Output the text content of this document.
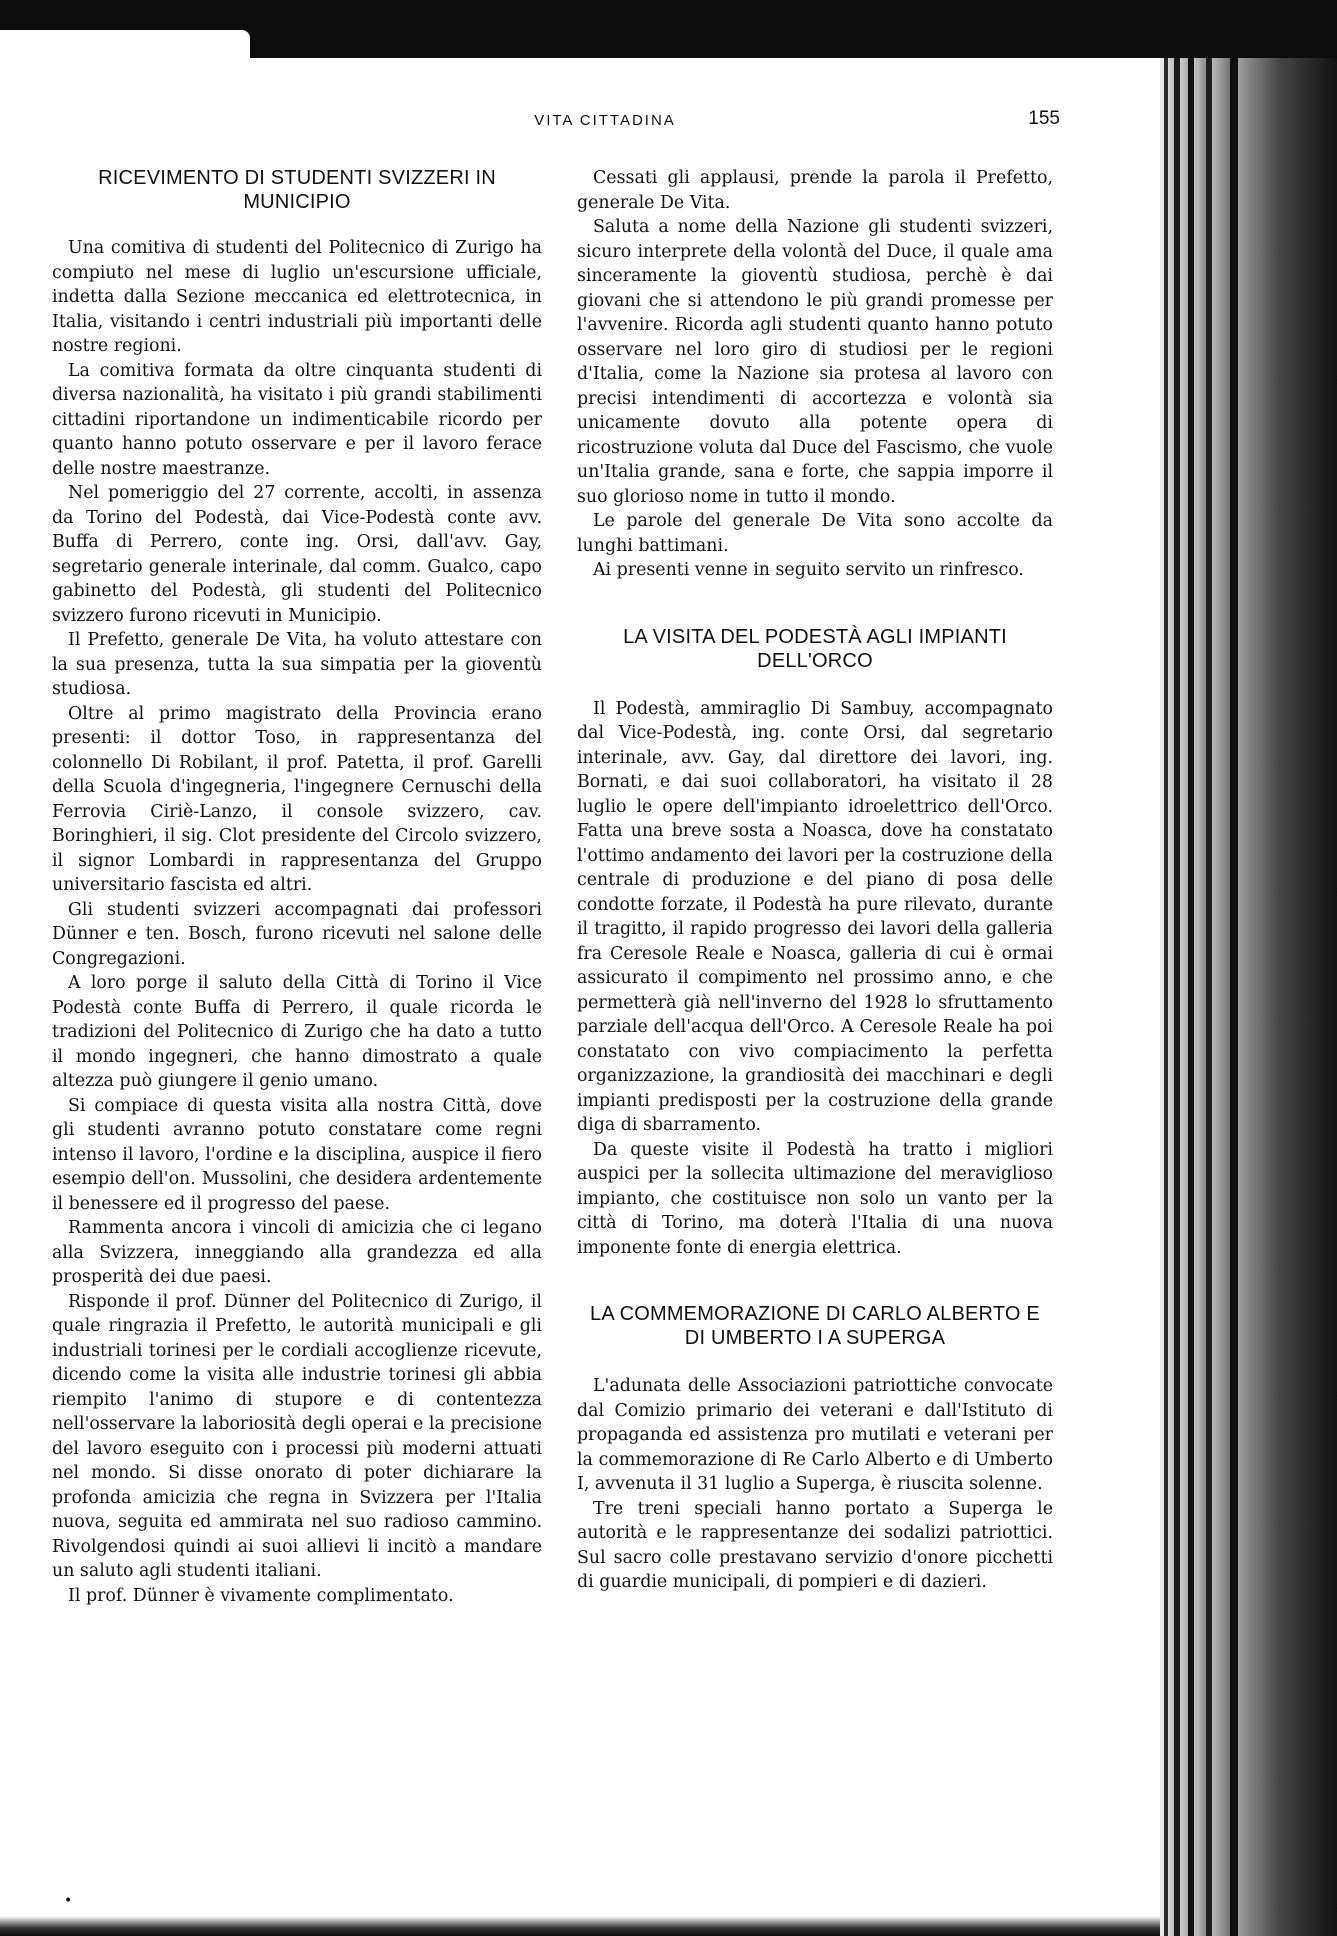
VITA CITTADINA	155
RICEVIMENTO DI STUDENTI SVIZZERI IN MUNICIPIO

Una comitiva di studenti del Politecnico di Zurigo ha compiuto nel mese di luglio un'escursione ufficiale, indetta dalla Sezione meccanica ed elettrotecnica, in Italia, visitando i centri industriali più importanti delle nostre regioni.

La comitiva formata da oltre cinquanta studenti di diversa nazionalità, ha visitato i più grandi stabilimenti cittadini riportandone un indimenticabile ricordo per quanto hanno potuto osservare e per il lavoro ferace delle nostre maestranze.

Nel pomeriggio del 27 corrente, accolti, in assenza da Torino del Podestà, dai Vice-Podestà conte avv. Buffa di Perrero, conte ing. Orsi, dall'avv. Gay, segretario generale interinale, dal comm. Gualco, capo gabinetto del Podestà, gli studenti del Politecnico svizzero furono ricevuti in Municipio.

Il Prefetto, generale De Vita, ha voluto attestare con la sua presenza, tutta la sua simpatia per la gioventù studiosa.

Oltre al primo magistrato della Provincia erano presenti: il dottor Toso, in rappresentanza del colonnello Di Robilant, il prof. Patetta, il prof. Garelli della Scuola d'ingegneria, l'ingegnere Cernuschi della Ferrovia Ciriè-Lanzo, il console svizzero, cav. Boringhieri, il sig. Clot presidente del Circolo svizzero, il signor Lombardi in rappresentanza del Gruppo universitario fascista ed altri.

Gli studenti svizzeri accompagnati dai professori Dünner e ten. Bosch, furono ricevuti nel salone delle Congregazioni.

A loro porge il saluto della Città di Torino il Vice Podestà conte Buffa di Perrero, il quale ricorda le tradizioni del Politecnico di Zurigo che ha dato a tutto il mondo ingegneri, che hanno dimostrato a quale altezza può giungere il genio umano.

Si compiace di questa visita alla nostra Città, dove gli studenti avranno potuto constatare come regni intenso il lavoro, l'ordine e la disciplina, auspice il fiero esempio dell'on. Mussolini, che desidera ardentemente il benessere ed il progresso del paese.

Rammenta ancora i vincoli di amicizia che ci legano alla Svizzera, inneggiando alla grandezza ed alla prosperità dei due paesi.

Risponde il prof. Dünner del Politecnico di Zurigo, il quale ringrazia il Prefetto, le autorità municipali e gli industriali torinesi per le cordiali accoglienze ricevute, dicendo come la visita alle industrie torinesi gli abbia riempito l'animo di stupore e di contentezza nell'osservare la laboriosità degli operai e la precisione del lavoro eseguito con i processi più moderni attuati nel mondo. Si disse onorato di poter dichiarare la profonda amicizia che regna in Svizzera per l'Italia nuova, seguita ed ammirata nel suo radioso cammino. Rivolgendosi quindi ai suoi allievi li incitò a mandare un saluto agli studenti italiani.

Il prof. Dünner è vivamente complimentato.

Cessati gli applausi, prende la parola il Prefetto, generale De Vita.

Saluta a nome della Nazione gli studenti svizzeri, sicuro interprete della volontà del Duce, il quale ama sinceramente la gioventù studiosa, perchè è dai giovani che si attendono le più grandi promesse per l'avvenire. Ricorda agli studenti quanto hanno potuto osservare nel loro giro di studiosi per le regioni d'Italia, come la Nazione sia protesa al lavoro con precisi intendimenti di accortezza e volontà sia unicamente dovuto alla potente opera di ricostruzione voluta dal Duce del Fascismo, che vuole un'Italia grande, sana e forte, che sappia imporre il suo glorioso nome in tutto il mondo.

Le parole del generale De Vita sono accolte da lunghi battimani.

Ai presenti venne in seguito servito un rinfresco.

LA VISITA DEL PODESTÀ AGLI IMPIANTI DELL'ORCO

Il Podestà, ammiraglio Di Sambuy, accompagnato dal Vice-Podestà, ing. conte Orsi, dal segretario interinale, avv. Gay, dal direttore dei lavori, ing. Bornati, e dai suoi collaboratori, ha visitato il 28 luglio le opere dell'impianto idroelettrico dell'Orco. Fatta una breve sosta a Noasca, dove ha constatato l'ottimo andamento dei lavori per la costruzione della centrale di produzione e del piano di posa delle condotte forzate, il Podestà ha pure rilevato, durante il tragitto, il rapido progresso dei lavori della galleria fra Ceresole Reale e Noasca, galleria di cui è ormai assicurato il compimento nel prossimo anno, e che permetterà già nell'inverno del 1928 lo sfruttamento parziale dell'acqua dell'Orco. A Ceresole Reale ha poi constatato con vivo compiacimento la perfetta organizzazione, la grandiosità dei macchinari e degli impianti predisposti per la costruzione della grande diga di sbarramento.

Da queste visite il Podestà ha tratto i migliori auspici per la sollecita ultimazione del meraviglioso impianto, che costituisce non solo un vanto per la città di Torino, ma doterà l'Italia di una nuova imponente fonte di energia elettrica.

LA COMMEMORAZIONE DI CARLO ALBERTO E DI UMBERTO I A SUPERGA

L'adunata delle Associazioni patriottiche convocate dal Comizio primario dei veterani e dall'Istituto di propaganda ed assistenza pro mutilati e veterani per la commemorazione di Re Carlo Alberto e di Umberto I, avvenuta il 31 luglio a Superga, è riuscita solenne.

Tre treni speciali hanno portato a Superga le autorità e le rappresentanze dei sodalizi patriottici. Sul sacro colle prestavano servizio d'onore picchetti di guardie municipali, di pompieri e di dazieri.

•
